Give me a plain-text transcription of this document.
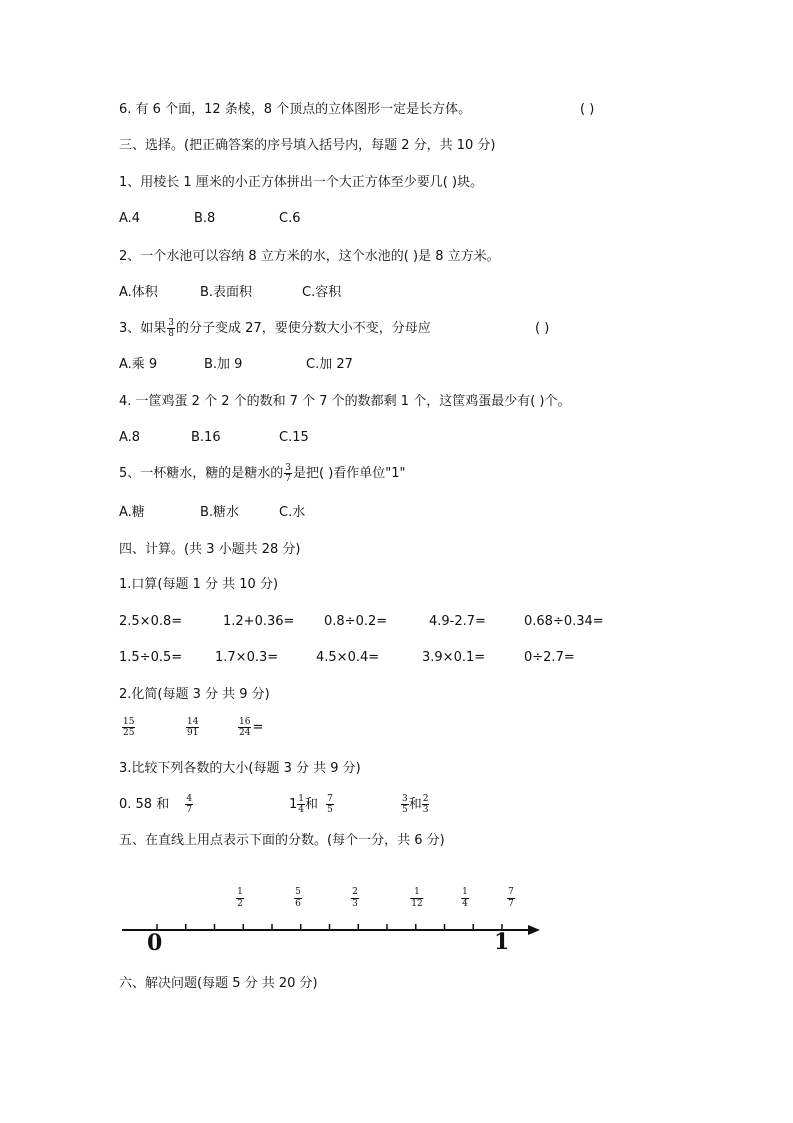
6. 有 6 个面，12 条棱，8 个顶点的立体图形一定是长方体。	( )
三、选择。(把正确答案的序号填入括号内，每题 2 分，共 10 分)
1、用棱长 1 厘米的小正方体拼出一个大正方体至少要几( )块。
A.4	B.8	C.6
2、一个水池可以容纳 8 立方米的水，这个水池的( )是 8 立方米。
A.体积	B.表面积	C.容积
3、如果 $\frac{3}{8}$ 的分子变成 27，要使分数大小不变，分母应	( )
A.乘 9	B.加 9	C.加 27
4. 一筐鸡蛋 2 个 2 个的数和 7 个 7 个的数都剩 1 个，这筐鸡蛋最少有( )个。
A.8	B.16	C.15
5、一杯糖水，糖的是糖水的 $\frac{3}{7}$ 是把( )看作单位"1"
A.糖	B.糖水	C.水
四、计算。(共 3 小题共 28 分)
1.口算(每题 1 分 共 10 分)
2.5×0.8=	1.2+0.36= 0.8÷0.2=	4.9-2.7=	0.68÷0.34=
1.5÷0.5=	1.7×0.3=	4.5×0.4=	3.9×0.1=	0÷2.7=
2.化简(每题 3 分 共 9 分)
$\frac{15}{25}$	$\frac{14}{91}$	$\frac{16}{24}$ =
3.比较下列各数的大小(每题 3 分 共 9 分)
0. 58 和 $\frac{4}{7}$	$1 \frac{1}{4}$ 和 $\frac{7}{5}$	$\frac{3}{5}$ 和 $\frac{2}{3}$
五、在直线上用点表示下面的分数。(每个一分，共 6 分)
1
2
5
6
2
3
1
12
1
4
7
7
0	1
六、解决问题(每题 5 分 共 20 分)
